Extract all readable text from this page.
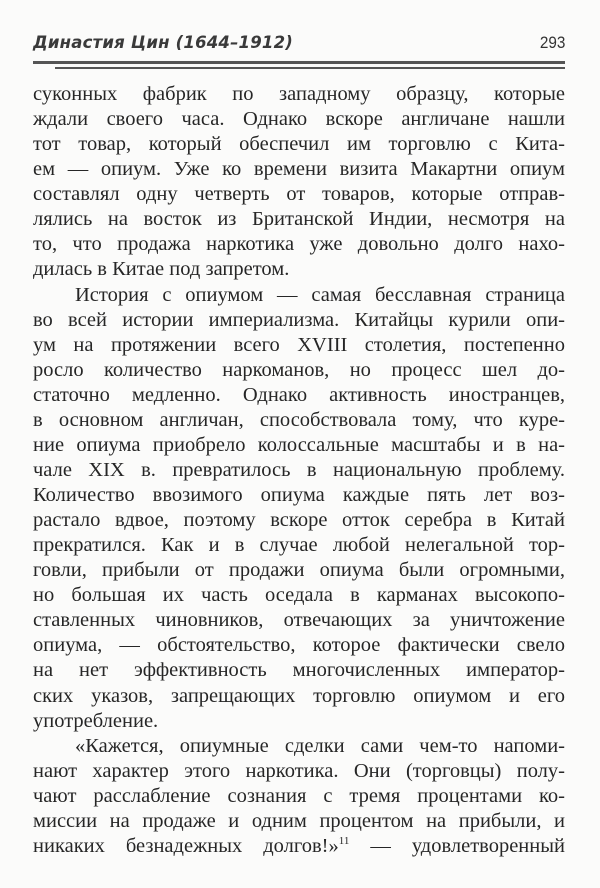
Династия Цин (1644–1912)	293
суконных фабрик по западному образцу, которые
ждали своего часа. Однако вскоре англичане нашли
тот товар, который обеспечил им торговлю с Кита-
ем — опиум. Уже ко времени визита Макартни опиум
составлял одну четверть от товаров, которые отправ-
лялись на восток из Британской Индии, несмотря на
то, что продажа наркотика уже довольно долго нахо-
дилась в Китае под запретом.
История с опиумом — самая бесславная страница
во всей истории империализма. Китайцы курили опи-
ум на протяжении всего XVIII столетия, постепенно
росло количество наркоманов, но процесс шел до-
статочно медленно. Однако активность иностранцев,
в основном англичан, способствовала тому, что куре-
ние опиума приобрело колоссальные масштабы и в на-
чале XIX в. превратилось в национальную проблему.
Количество ввозимого опиума каждые пять лет воз-
растало вдвое, поэтому вскоре отток серебра в Китай
прекратился. Как и в случае любой нелегальной тор-
говли, прибыли от продажи опиума были огромными,
но большая их часть оседала в карманах высокопо-
ставленных чиновников, отвечающих за уничтожение
опиума, — обстоятельство, которое фактически свело
на нет эффективность многочисленных император-
ских указов, запрещающих торговлю опиумом и его
употребление.
«Кажется, опиумные сделки сами чем-то напоми-
нают характер этого наркотика. Они (торговцы) полу-
чают расслабление сознания с тремя процентами ко-
миссии на продаже и одним процентом на прибыли, и
никаких безнадежных долгов!»$^{11}$ — удовлетворенный
